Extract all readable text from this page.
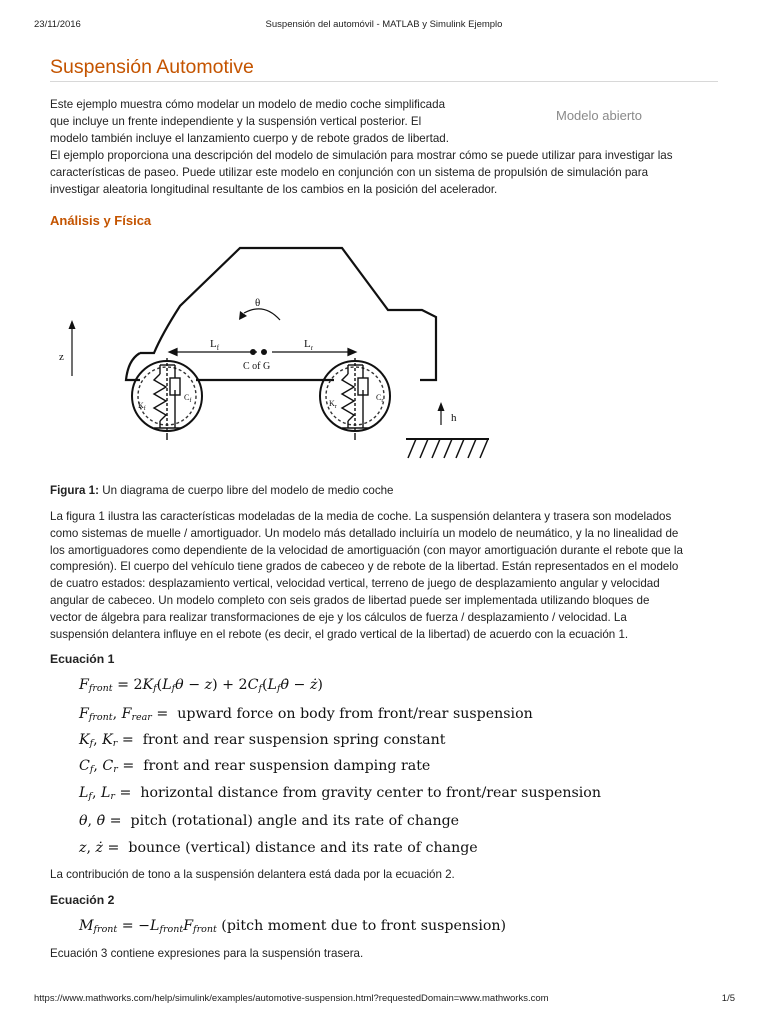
23/11/2016	Suspensión del automóvil - MATLAB y Simulink Ejemplo
Suspensión Automotive
Este ejemplo muestra cómo modelar un modelo de medio coche simplificada
que incluye un frente independiente y la suspensión vertical posterior. El
modelo también incluye el lanzamiento cuerpo y de rebote grados de libertad.
Modelo abierto
El ejemplo proporciona una descripción del modelo de simulación para mostrar cómo se puede utilizar para investigar las
características de paseo. Puede utilizar este modelo en conjunción con un sistema de propulsión de simulación para
investigar aleatoria longitudinal resultante de los cambios en la posición del acelerador.
Análisis y Física
θ
$L_f$	$L_r$
C of G
z
h
$K_f$
$C_f$	$K_r$
$C_r$
Figura 1: Un diagrama de cuerpo libre del modelo de medio coche
La figura 1 ilustra las características modeladas de la media de coche. La suspensión delantera y trasera son modelados
como sistemas de muelle / amortiguador. Un modelo más detallado incluiría un modelo de neumático, y la no linealidad de
los amortiguadores como dependiente de la velocidad de amortiguación (con mayor amortiguación durante el rebote que la
compresión). El cuerpo del vehículo tiene grados de cabeceo y de rebote de la libertad. Están representados en el modelo
de cuatro estados: desplazamiento vertical, velocidad vertical, terreno de juego de desplazamiento angular y velocidad
angular de cabeceo. Un modelo completo con seis grados de libertad puede ser implementada utilizando bloques de
vector de álgebra para realizar transformaciones de eje y los cálculos de fuerza / desplazamiento / velocidad. La
suspensión delantera influye en el rebote (es decir, el grado vertical de la libertad) de acuerdo con la ecuación 1.
Ecuación 1
$F_{front} = 2K_f(L_f\theta - z)$ + $2C_f(L_f\thetȧ$ − ż)
$F_{front}$, $F_{rear}$ =  upward force on body from front/rear suspension
$K_f$, $K_r$ =  front and rear suspension spring constant
$C_f$, $C_r$ =  front and rear suspension damping rate
$L_f$, $L_r$ =  horizontal distance from gravity center to front/rear suspension
θ, θ̇ =  pitch (rotational) angle and its rate of change
z, ż =  bounce (vertical) distance and its rate of change
La contribución de tono a la suspensión delantera está dada por la ecuación 2.
Ecuación 2
$M_{front} = -L_{front}F_{front}$ (pitch moment due to front suspension)
Ecuación 3 contiene expresiones para la suspensión trasera.
https://www.mathworks.com/help/simulink/examples/automotive-suspension.html?requestedDomain=www.mathworks.com	1/5
